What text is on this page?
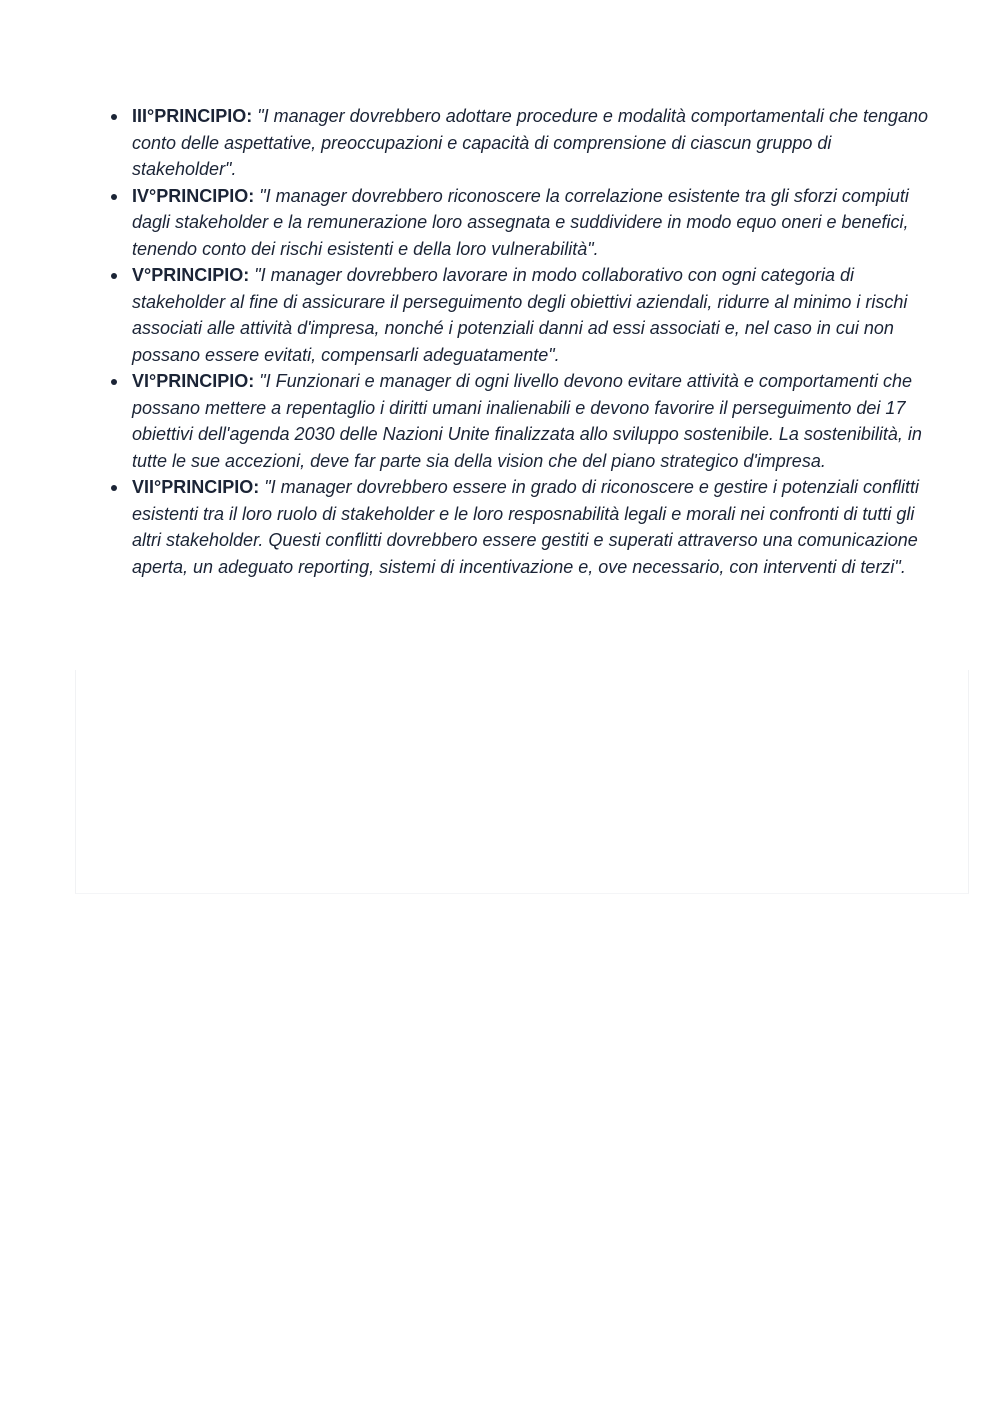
III°PRINCIPIO: "I manager dovrebbero adottare procedure e modalità comportamentali che tengano conto delle aspettative, preoccupazioni e capacità di comprensione di ciascun gruppo di stakeholder".
IV°PRINCIPIO: "I manager dovrebbero riconoscere la correlazione esistente tra gli sforzi compiuti dagli stakeholder e la remunerazione loro assegnata e suddividere in modo equo oneri e benefici, tenendo conto dei rischi esistenti e della loro vulnerabilità".
V°PRINCIPIO: "I manager dovrebbero lavorare in modo collaborativo con ogni categoria di stakeholder al fine di assicurare il perseguimento degli obiettivi aziendali, ridurre al minimo i rischi associati alle attività d'impresa, nonché i potenziali danni ad essi associati e, nel caso in cui non possano essere evitati, compensarli adeguatamente".
VI°PRINCIPIO: "I Funzionari e manager di ogni livello devono evitare attività e comportamenti che possano mettere a repentaglio i diritti umani inalienabili e devono favorire il perseguimento dei 17 obiettivi dell'agenda 2030 delle Nazioni Unite finalizzata allo sviluppo sostenibile. La sostenibilità, in tutte le sue accezioni, deve far parte sia della vision che del piano strategico d'impresa.
VII°PRINCIPIO: "I manager dovrebbero essere in grado di riconoscere e gestire i potenziali conflitti esistenti tra il loro ruolo di stakeholder e le loro resposnabilità legali e morali nei confronti di tutti gli altri stakeholder. Questi conflitti dovrebbero essere gestiti e superati attraverso una comunicazione aperta, un adeguato reporting, sistemi di incentivazione e, ove necessario, con interventi di terzi".
